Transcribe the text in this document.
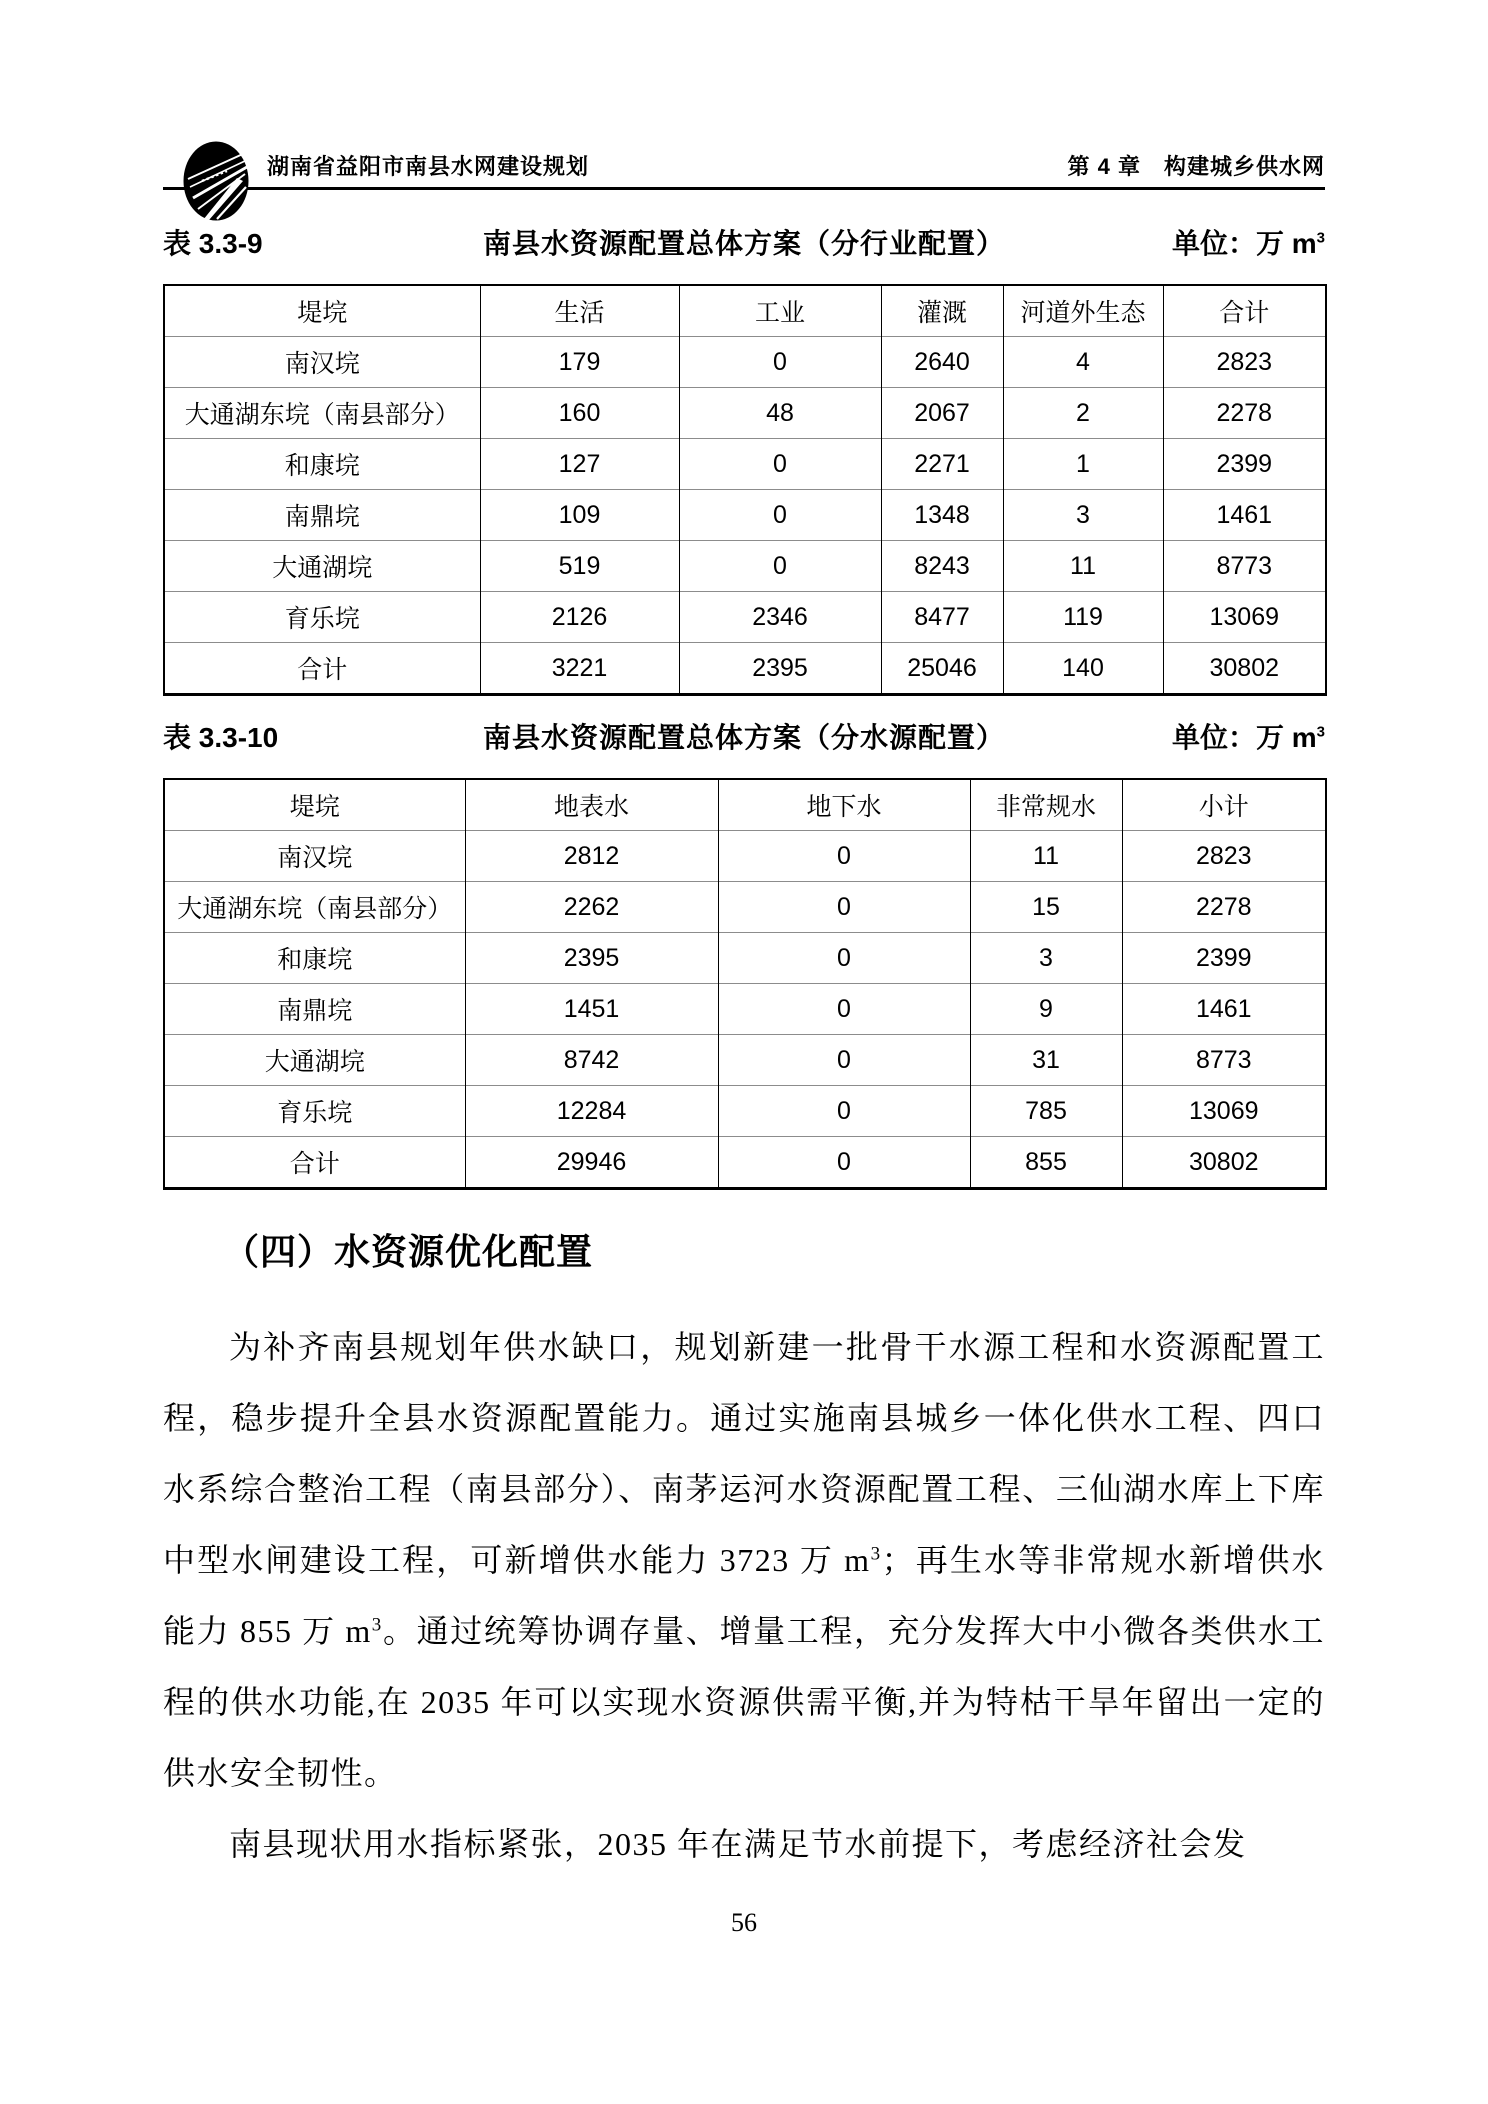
湖南省益阳市南县水网建设规划	第 4 章　构建城乡供水网
表 3.3-9	南县水资源配置总体方案（分行业配置）	单位：万 $m^3$
堤垸	生活	工业	灌溉	河道外生态	合计
南汉垸	179	0	2640	4	2823
大通湖东垸（南县部分）	160	48	2067	2	2278
和康垸	127	0	2271	1	2399
南鼎垸	109	0	1348	3	1461
大通湖垸	519	0	8243	11	8773
育乐垸	2126	2346	8477	119	13069
合计	3221	2395	25046	140	30802
表 3.3-10	南县水资源配置总体方案（分水源配置）	单位：万 $m^3$
堤垸	地表水	地下水	非常规水	小计
南汉垸	2812	0	11	2823
大通湖东垸（南县部分）	2262	0	15	2278
和康垸	2395	0	3	2399
南鼎垸	1451	0	9	1461
大通湖垸	8742	0	31	8773
育乐垸	12284	0	785	13069
合计	29946	0	855	30802
（四）水资源优化配置

为补齐南县规划年供水缺口，规划新建一批骨干水源工程和水资源配置工程，稳步提升全县水资源配置能力。通过实施南县城乡一体化供水工程、四口水系综合整治工程（南县部分）、南茅运河水资源配置工程、三仙湖水库上下库中型水闸建设工程，可新增供水能力 3723 万 $m^3$；再生水等非常规水新增供水能力 855 万 $m^3$。通过统筹协调存量、增量工程，充分发挥大中小微各类供水工程的供水功能,在 2035 年可以实现水资源供需平衡,并为特枯干旱年留出一定的供水安全韧性。

南县现状用水指标紧张，2035 年在满足节水前提下，考虑经济社会发

56
